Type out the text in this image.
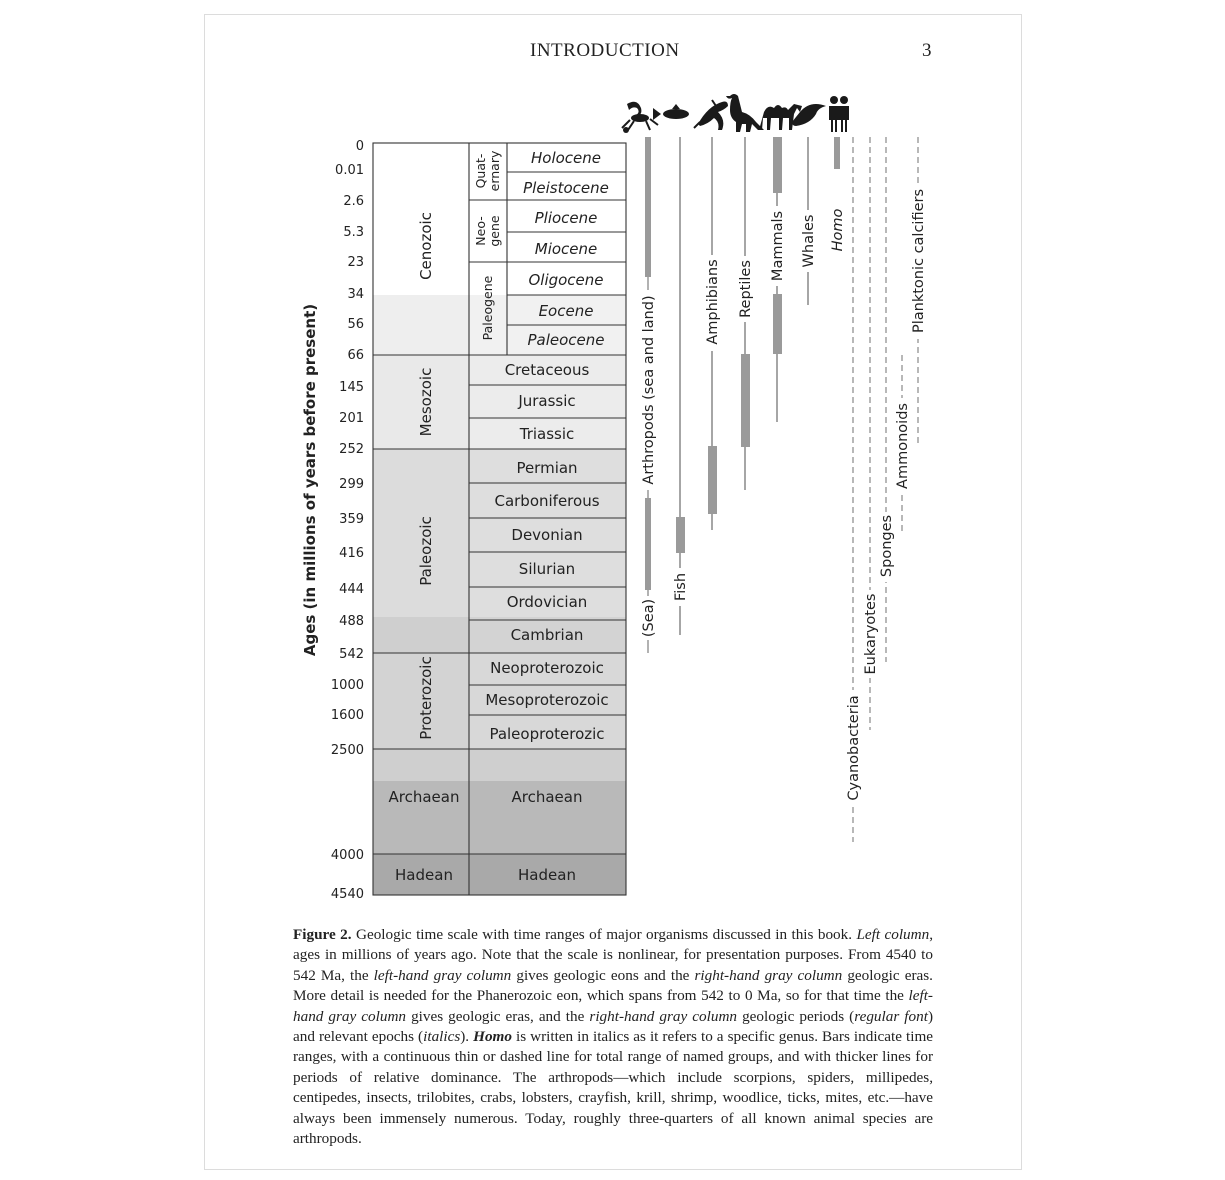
INTRODUCTION	3
Ages (in millions of years before present)
0
0.01
2.6
5.3
23
34
56
66
145
201
252
299
359
416
444
488
542
1000
1600
2500
4000
4540
Cenozoic
Mesozoic
Paleozoic
Proterozoic
Archaean
Hadean
Quat- ernary
Neo- gene
Paleogene
Holocene
Pleistocene
Pliocene
Miocene
Oligocene
Eocene
Paleocene
Cretaceous
Jurassic
Triassic
Permian
Carboniferous
Devonian
Silurian
Ordovician
Cambrian
Neoproterozoic
Mesoproterozoic
Paleoproterozic
Archaean
Hadean
Arthropods (sea and land)
(Sea)
Fish
Amphibians Reptiles
Mammals Whales Homo
Cyanobacteria
Eukaryotes
Sponges
Ammonoids
Planktonic calcifiers
Figure 2. Geologic time scale with time ranges of major organisms discussed in this book. Left column, ages in millions of years ago. Note that the scale is nonlinear, for presentation purposes. From 4540 to 542 Ma, the left-hand gray column gives geologic eons and the right-hand gray column geologic eras. More detail is needed for the Phanerozoic eon, which spans from 542 to 0 Ma, so for that time the left-hand gray column gives geologic eras, and the right-hand gray column geologic periods (regular font) and relevant epochs (italics). Homo is written in italics as it refers to a specific genus. Bars indicate time ranges, with a continuous thin or dashed line for total range of named groups, and with thicker lines for periods of relative dominance. The arthropods—which include scorpions, spiders, millipedes, centipedes, insects, trilobites, crabs, lobsters, crayfish, krill, shrimp, woodlice, ticks, mites, etc.—have always been immensely numerous. Today, roughly three-quarters of all known animal species are arthropods.
